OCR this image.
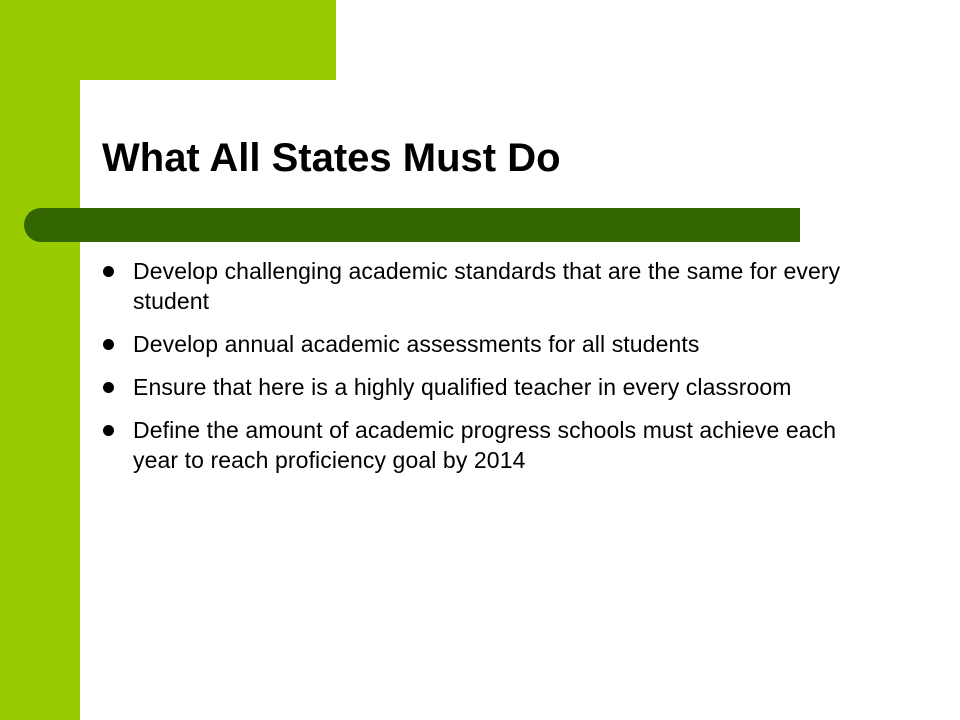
What All States Must Do
Develop challenging academic standards that are the same for every student
Develop annual academic assessments for all students
Ensure that here is a highly qualified teacher in every classroom
Define the amount of academic progress schools must achieve each year to reach proficiency goal by 2014
